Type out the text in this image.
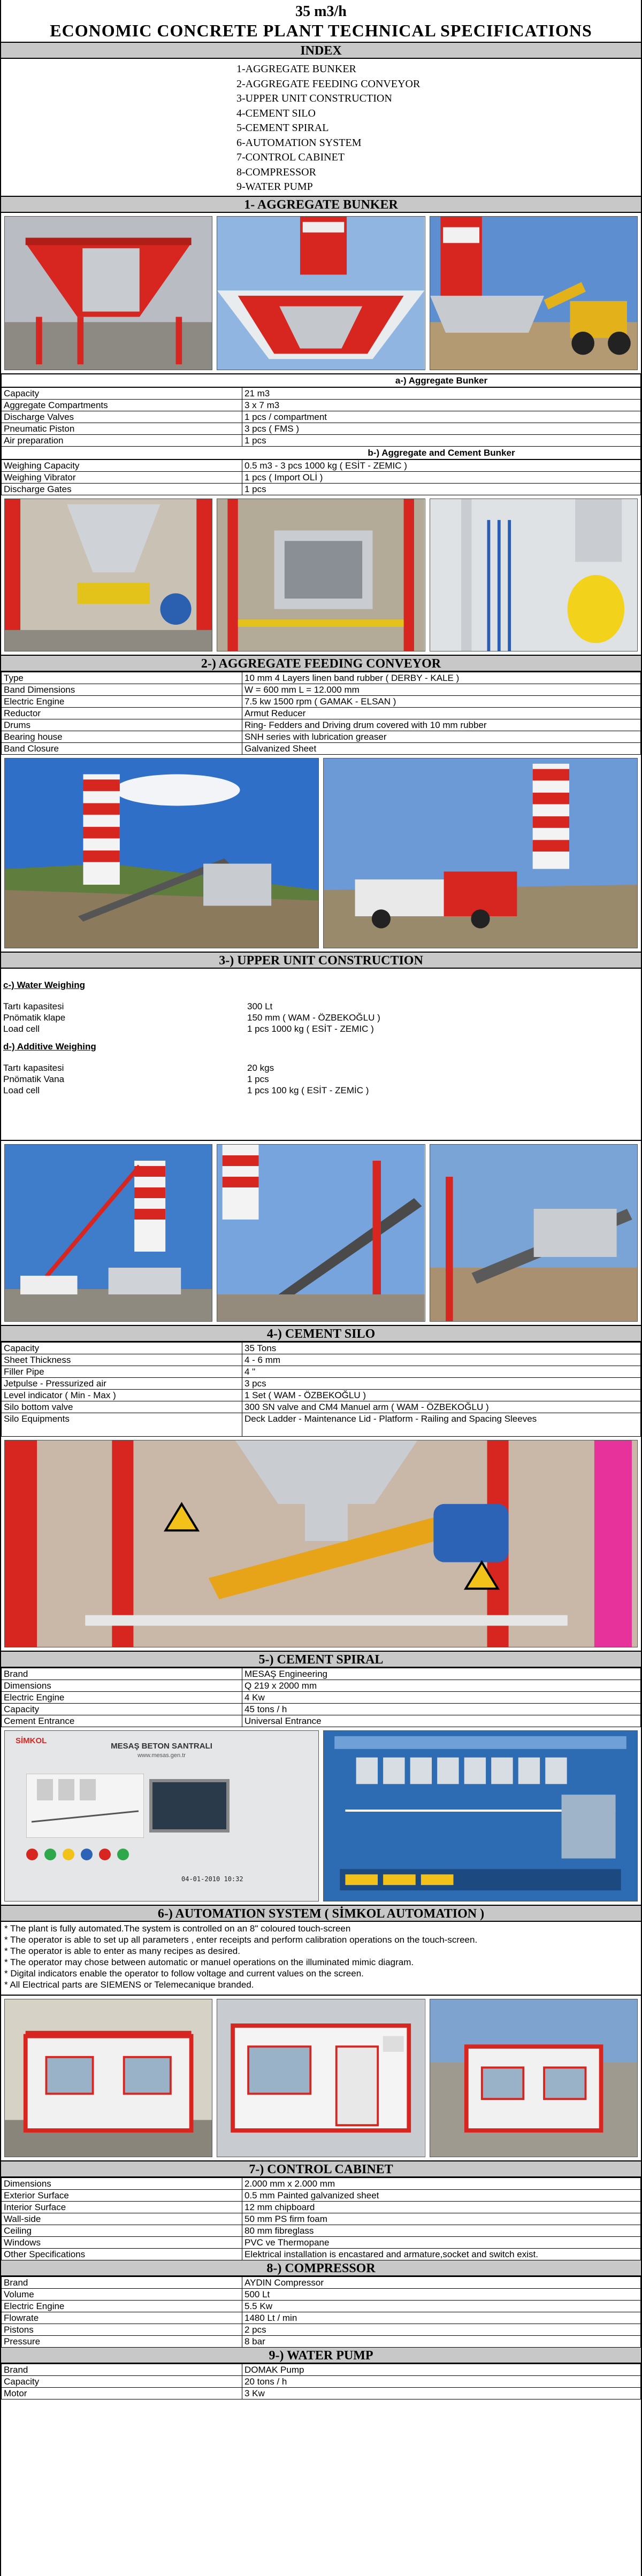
35 m3/h
ECONOMIC CONCRETE PLANT TECHNICAL SPECIFICATIONS
INDEX
1-AGGREGATE BUNKER
2-AGGREGATE FEEDING CONVEYOR
3-UPPER UNIT CONSTRUCTION
4-CEMENT SILO
5-CEMENT SPIRAL
6-AUTOMATION SYSTEM
7-CONTROL CABINET
8-COMPRESSOR
9-WATER PUMP
1- AGGREGATE BUNKER
a-) Aggregate Bunker
Capacity	21 m3
Aggregate Compartments	3 x 7 m3
Discharge Valves	1 pcs / compartment
Pneumatic Piston	3 pcs ( FMS )
Air preparation	1 pcs
b-) Aggregate and Cement Bunker
Weighing Capacity	0.5 m3 - 3 pcs 1000 kg ( ESİT - ZEMIC )
Weighing Vibrator	1 pcs ( Import OLİ )
Discharge Gates	1 pcs
2-) AGGREGATE FEEDING CONVEYOR
Type	10 mm 4 Layers linen band rubber ( DERBY - KALE )
Band Dimensions	W = 600 mm L = 12.000 mm
Electric Engine	7.5 kw 1500 rpm ( GAMAK - ELSAN )
Reductor	Armut Reducer
Drums	Ring- Fedders and Driving drum covered with 10 mm rubber
Bearing house	SNH series with lubrication greaser
Band Closure	Galvanized Sheet
3-) UPPER UNIT CONSTRUCTION
c-) Water Weighing
Tartı kapasitesi	300 Lt
Pnömatik klape	150 mm ( WAM - ÖZBEKOĞLU )
Load cell	1 pcs 1000 kg ( ESİT - ZEMIC )
d-) Additive Weighing
Tartı kapasitesi	20 kgs
Pnömatik Vana	1 pcs
Load cell	1 pcs 100 kg ( ESİT - ZEMİC )
4-) CEMENT SILO
Capacity	35 Tons
Sheet Thickness	4 - 6 mm
Filler Pipe	4 "
Jetpulse - Pressurized air	3 pcs
Level indicator ( Min - Max )	1 Set ( WAM - ÖZBEKOĞLU )
Silo bottom valve	300 SN valve and CM4 Manuel arm ( WAM - ÖZBEKOĞLU )
Silo Equipments	Deck Ladder - Maintenance Lid - Platform - Railing and Spacing Sleeves
5-) CEMENT SPIRAL
Brand	MESAŞ Engineering
Dimensions	Q 219 x 2000 mm
Electric Engine	4 Kw
Capacity	45 tons / h
Cement Entrance	Universal Entrance
SİMKOL
MESAŞ BETON SANTRALI
www.mesas.gen.tr
04-01-2010 10:32
6-) AUTOMATION SYSTEM ( SİMKOL AUTOMATION )
* The plant is fully automated.The system is controlled on an 8" coloured touch-screen
* The operator is able to set up all parameters , enter receipts and perform calibration operations on the touch-screen.
* The operator is able to enter as many recipes as desired.
* The operator may chose between automatic or manuel operations on the illuminated mimic diagram.
* Digital indicators enable the operator to follow voltage and current values on the screen.
* All Electrical parts are SIEMENS or Telemecanique branded.
7-) CONTROL CABINET
Dimensions	2.000 mm x 2.000 mm
Exterior Surface	0.5 mm Painted galvanized sheet
Interior Surface	12 mm chipboard
Wall-side	50 mm PS firm foam
Ceiling	80 mm fibreglass
Windows	PVC ve Thermopane
Other Specifications	Elektrical installation is encastared and armature,socket and switch exist.
8-) COMPRESSOR
Brand	AYDIN Compressor
Volume	500 Lt
Electric Engine	5.5 Kw
Flowrate	1480 Lt / min
Pistons	2 pcs
Pressure	8 bar
9-) WATER PUMP
Brand	DOMAK Pump
Capacity	20 tons / h
Motor	3 Kw
